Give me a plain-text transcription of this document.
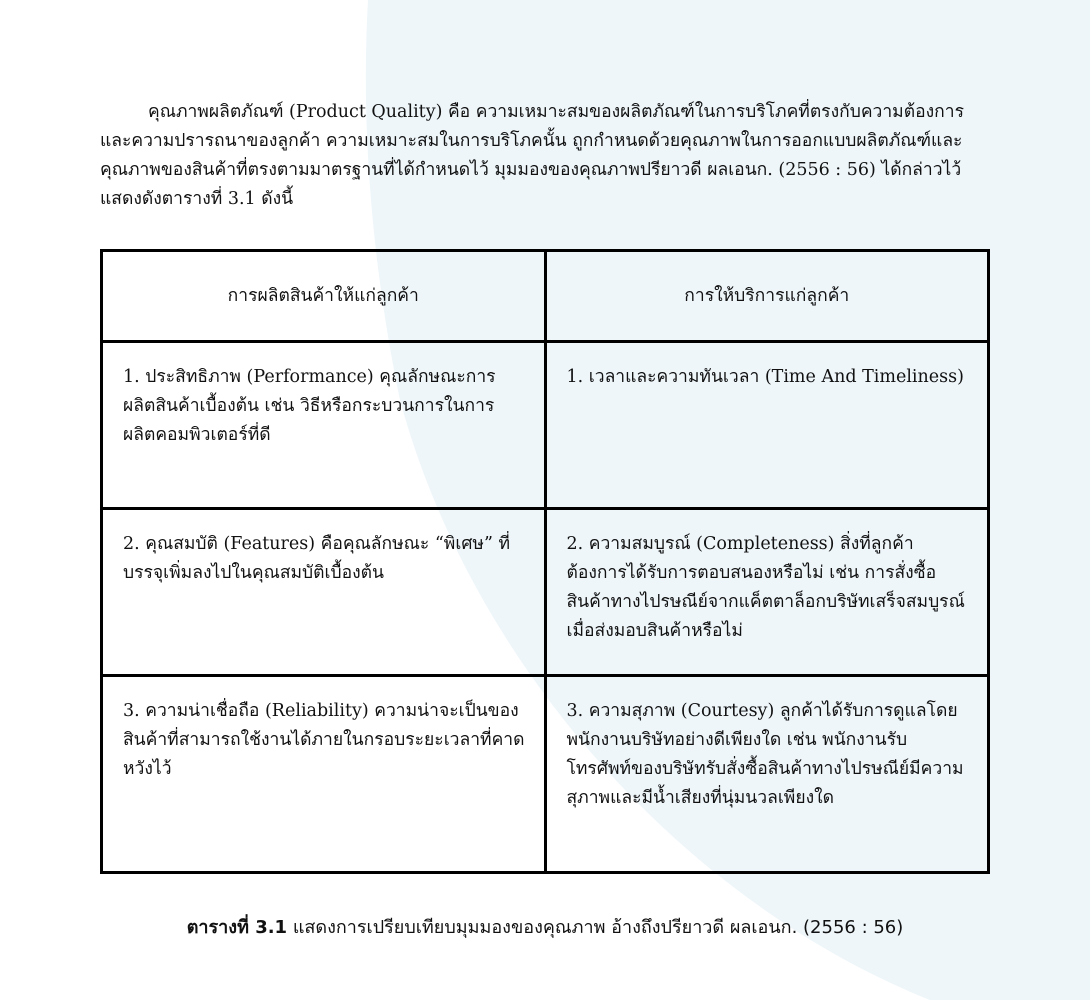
คุณภาพผลิตภัณฑ์ (Product Quality) คือ ความเหมาะสมของผลิตภัณฑ์ในการบริโภคที่ตรงกับความต้องการและความปรารถนาของลูกค้า ความเหมาะสมในการบริโภคนั้น ถูกกำหนดด้วยคุณภาพในการออกแบบผลิตภัณฑ์และคุณภาพของสินค้าที่ตรงตามมาตรฐานที่ได้กำหนดไว้ มุมมองของคุณภาพปรียาวดี ผลเอนก. (2556 : 56) ได้กล่าวไว้แสดงดังตารางที่ 3.1 ดังนี้

การผลิตสินค้าให้แก่ลูกค้า	การให้บริการแก่ลูกค้า
1. ประสิทธิภาพ (Performance) คุณลักษณะการผลิตสินค้าเบื้องต้น เช่น วิธีหรือกระบวนการในการผลิตคอมพิวเตอร์ที่ดี	1. เวลาและความทันเวลา (Time And Timeliness)
2. คุณสมบัติ (Features) คือคุณลักษณะ “พิเศษ” ที่บรรจุเพิ่มลงไปในคุณสมบัติเบื้องต้น	2. ความสมบูรณ์ (Completeness) สิ่งที่ลูกค้าต้องการได้รับการตอบสนองหรือไม่ เช่น การสั่งซื้อสินค้าทางไปรษณีย์จากแค็ตตาล็อกบริษัทเสร็จสมบูรณ์เมื่อส่งมอบสินค้าหรือไม่
3. ความน่าเชื่อถือ (Reliability) ความน่าจะเป็นของสินค้าที่สามารถใช้งานได้ภายในกรอบระยะเวลาที่คาดหวังไว้	3. ความสุภาพ (Courtesy) ลูกค้าได้รับการดูแลโดยพนักงานบริษัทอย่างดีเพียงใด เช่น พนักงานรับโทรศัพท์ของบริษัทรับสั่งซื้อสินค้าทางไปรษณีย์มีความสุภาพและมีน้ำเสียงที่นุ่มนวลเพียงใด
ตารางที่ 3.1 แสดงการเปรียบเทียบมุมมองของคุณภาพ อ้างถึงปรียาวดี ผลเอนก. (2556 : 56)
